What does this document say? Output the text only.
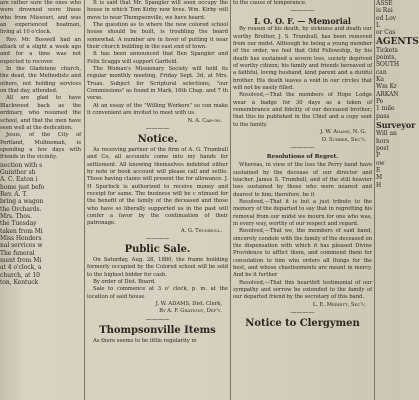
are rather sure the ones who were drowned were those who from Missouri, and was an experienced boatman, living at 10 o'clock.

Rev. Mr. Boswell had an attack of a slight a week ago and for a time was not expected to recover.

In the Gladstone church, the dead, the Methodists and others, not holding services on that day, attended.

All are glad to have Blackwood back as the ordinary, who resumed the school, and that the men have seen well at the dedication.

Jesus, of the City of Portland, Multnomah, is spending a few days with friends in the vicinity.

nection with s
Guinther sh
A. C. Eaton i
home just befo
Rev. A. T.
bring a wagon
the Orchards.
Mrs. Thos.
the Tuesday
taken from Mi
Miss Henders
nal services w
The funeral
ment from Mi
at 4 o'clock, a
church, at 10
ton, Kentuck

It is said that Mr. Spangler will soon occupy the house in which Tom Kirby now lives. Wm. Kirby will move to near Thompsonville, we have heard.

The question as to where the new colored school house should be built, is troubling the board somewhat. A number are in favor of putting it near their church building in the east end of town.

It has been announced that Ben Spangler and Felix Scaggs will support Garfield.

The Woman's Missionary Society will hold its regular monthly meeting, Friday Sept. 3d, at Mrs. Truax. Subject for Scriptural selections, "our Commissions" as found in Mark, 16th Chap. and 7 th verse.

At an essay of the "Willing Workers" so con make it convenient are invited to meet with us.

N. A. Cab-on.

————
Notice.

As receiving partner of the firm of A. G. Trumbull and Co, all accounts come into my hands for settlement. All knowing themselves indebted either by note or book account will please call and settle. Those having claims will present the for allowance. J. H Spurlock is authorized to receive money and receipt for same. The business will be c ntinued for the benefit of the family of the deceased and those who have so liberally supported us in the past will confer a favor by the continuation of their patronage.

A. G. Trumbull.

————
Public Sale.

On Saturday, Aug. 28, 1880, the frame building formerly occupied by the Colored school will be sold to the highest bidder for cash.

By order of Dist. Board.

Sale to commence at 3 o' clock, p. m. at the location of said house.

J. W. ADAMS, Dist. Clerk,

By A. F. Gratigny, Dep'y.

————
Thompsonville Items

As there seems to be little regularity in

to the cause of temperance.

————
I. O. O. F. — Memorial

By reason of his death, by sickness and death our worthy Brother, J. S. Trumbull, has been removed from our midst. Although he being a young member of the order, we feel that Odd Fellowship, by his death has sustained a severe loss, society deprived of worthy citizen; his family and friends bereaved of a faithful, loving husband, kind parent and a dutiful brother. His death leaves a void in our circles that will not be easily filled.

Resolved,—That the members of Hope Lodge wear a badge for 30 days as a token of remembrance and fidelity of our deceased brother; that this be published in the Chief and a copy sent to the family.

J. W. Adams, N. G.

D. Surber, Sec'y.

————
Resolutions of Regret.

Whereas, in view of the loss the Perry band have sustained by the decease of our director and teacher, James S. Trumbull, and of the still heavier loss sustained by those who were nearest and dearest to him; therefore, be it

Resolved,—That it is but a just tribute to the memory of the departed to say that in regretting his removal from our midst we mourn for one who was, in every way, worthy of our respect and regard.

Resolved,—That we, the members of said band, sincerely condole with the family of the deceased on the dispensation with which it has pleased Divine Providence to afflict them, and commend them for consolation to him who orders all things for the best, and whose chastisements are meant in mercy. And be it further

Resolved,—That this heartfelt testimonial of our sympathy and sorrow be extended to the family of our departed friend by the secretary of this band.

L. E. Merritt, Sec'y.

————
Notice to Clergymen
ASSE
is Rai
ed Lov
L
or Cas
AGENTS
Tickets
points,
SOUTH
can
Ka
Wm Kr
ARKAN
Pe
1 mile
pass
Surveyor
Will an
hors
post
P
ow
E
M
H
